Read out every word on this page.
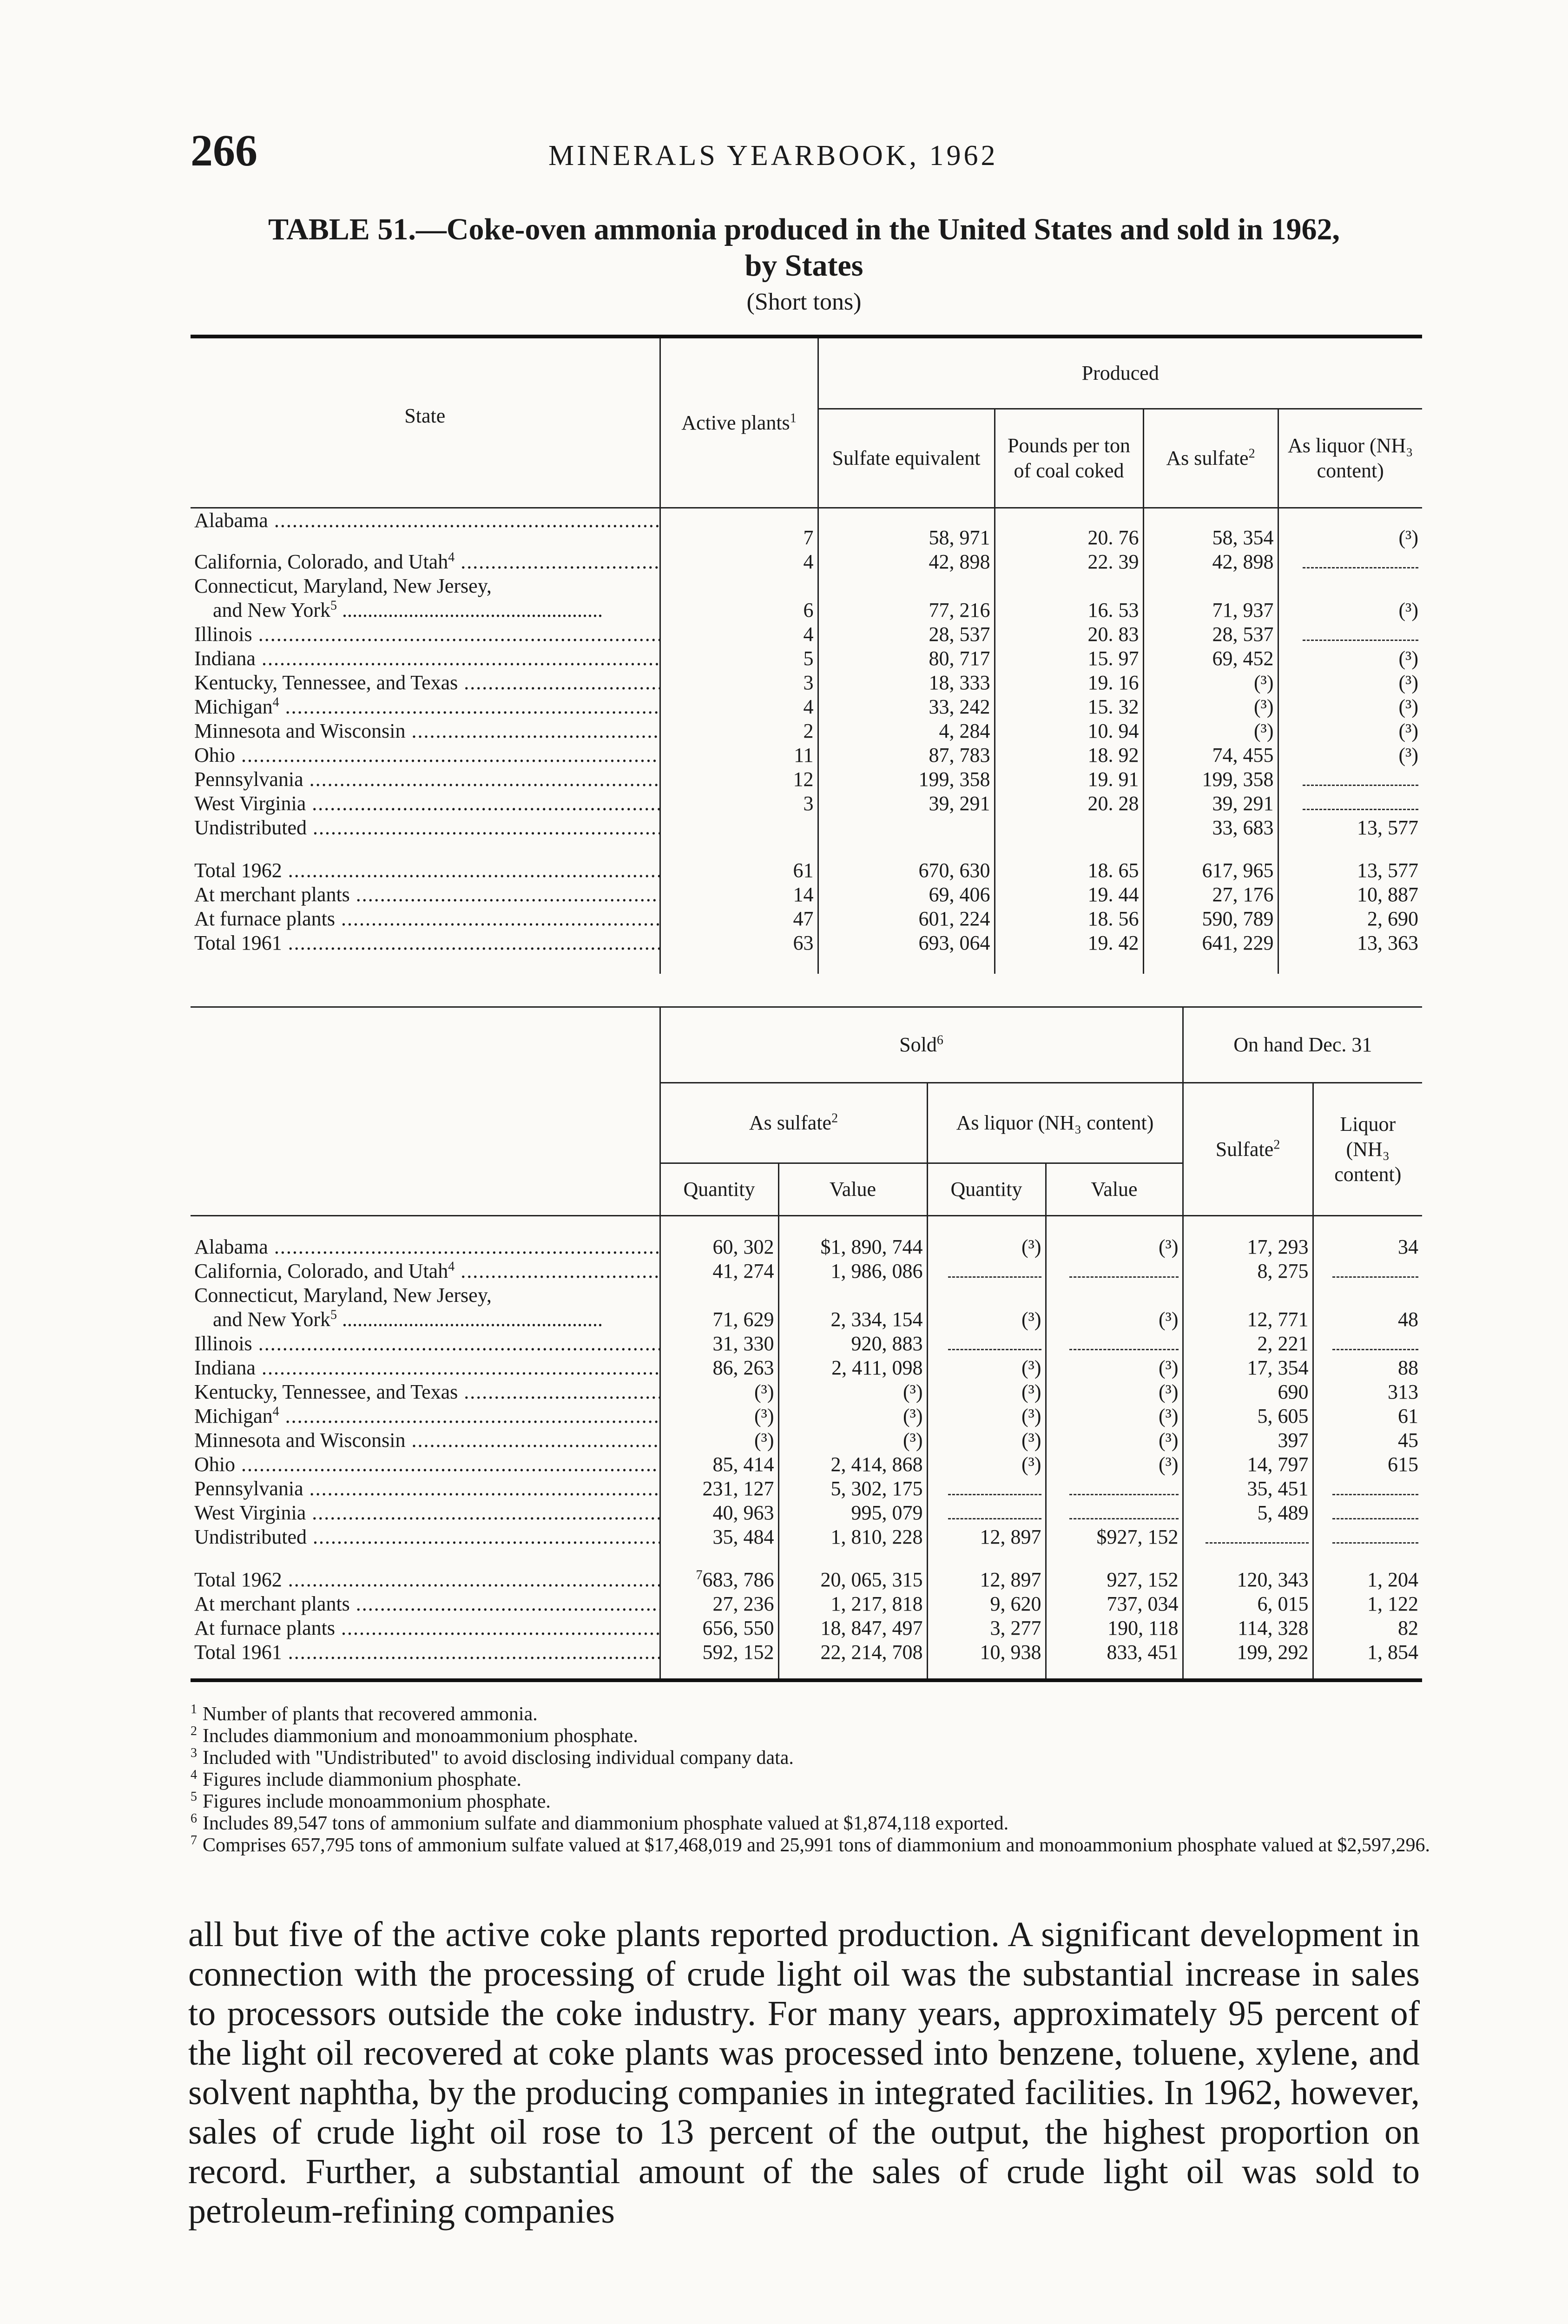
266	MINERALS YEARBOOK, 1962
TABLE 51.—Coke-oven ammonia produced in the United States and sold in 1962,
by States
(Short tons)
State	Active plants$^1$	Produced			
		Sulfate equivalent	Pounds per ton of coal coked	As sulfate$^2$	As liquor (NH₃ content)
Alabama .....	7	58, 971	20. 76	58, 354	(³)
California, Colorado, and Utah$^4$ .....	4	42, 898	22. 39	42, 898	
Connecticut, Maryland, New Jersey,
and New York$^5$ ...................................................	6	77, 216	16. 53	71, 937	(³)
Illinois .....	4	28, 537	20. 83	28, 537	
Indiana .....	5	80, 717	15. 97	69, 452	(³)
Kentucky, Tennessee, and Texas .....	3	18, 333	19. 16	(³)	(³)
Michigan$^4$ .....	4	33, 242	15. 32	(³)	(³)
Minnesota and Wisconsin .....	2	4, 284	10. 94	(³)	(³)
Ohio .....	11	87, 783	18. 92	74, 455	(³)
Pennsylvania .....	12	199, 358	19. 91	199, 358	
West Virginia .....	3	39, 291	20. 28	39, 291	
Undistributed .....				33, 683	13, 577

Total 1962 .....	61	670, 630	18. 65	617, 965	13, 577
At merchant plants .....	14	69, 406	19. 44	27, 176	10, 887
At furnace plants .....	47	601, 224	18. 56	590, 789	2, 690
Total 1961 .....	63	693, 064	19. 42	641, 229	13, 363
	Sold$^6$				On hand Dec. 31	
	As sulfate$^2$		As liquor (NH₃ content)		Sulfate$^2$	Liquor (NH₃ content)
	Quantity	Value	Quantity	Value		
Alabama .....	60, 302	$1, 890, 744	(³)	(³)	17, 293	34
California, Colorado, and Utah$^4$ .....	41, 274	1, 986, 086			8, 275	
Connecticut, Maryland, New Jersey,
and New York$^5$ ...................................................	71, 629	2, 334, 154	(³)	(³)	12, 771	48
Illinois .....	31, 330	920, 883			2, 221	
Indiana .....	86, 263	2, 411, 098	(³)	(³)	17, 354	88
Kentucky, Tennessee, and Texas .....	(³)	(³)	(³)	(³)	690	313
Michigan$^4$ .....	(³)	(³)	(³)	(³)	5, 605	61
Minnesota and Wisconsin .....	(³)	(³)	(³)	(³)	397	45
Ohio .....	85, 414	2, 414, 868	(³)	(³)	14, 797	615
Pennsylvania .....	231, 127	5, 302, 175			35, 451	
West Virginia .....	40, 963	995, 079			5, 489	
Undistributed .....	35, 484	1, 810, 228	12, 897	$927, 152		

Total 1962 .....	$^7$683, 786	20, 065, 315	12, 897	927, 152	120, 343	1, 204
At merchant plants .....	27, 236	1, 217, 818	9, 620	737, 034	6, 015	1, 122
At furnace plants .....	656, 550	18, 847, 497	3, 277	190, 118	114, 328	82
Total 1961 .....	592, 152	22, 214, 708	10, 938	833, 451	199, 292	1, 854
$^1$ Number of plants that recovered ammonia.
$^2$ Includes diammonium and monoammonium phosphate.
$^3$ Included with "Undistributed" to avoid disclosing individual company data.
$^4$ Figures include diammonium phosphate.
$^5$ Figures include monoammonium phosphate.
$^6$ Includes 89,547 tons of ammonium sulfate and diammonium phosphate valued at $1,874,118 exported.
$^7$ Comprises 657,795 tons of ammonium sulfate valued at $17,468,019 and 25,991 tons of diammonium and monoammonium phosphate valued at $2,597,296.
all but five of the active coke plants reported production. A significant development in connection with the processing of crude light oil was the substantial increase in sales to processors outside the coke industry. For many years, approximately 95 percent of the light oil recovered at coke plants was processed into benzene, toluene, xylene, and solvent naphtha, by the producing companies in integrated facilities. In 1962, however, sales of crude light oil rose to 13 percent of the output, the highest proportion on record. Further, a substantial amount of the sales of crude light oil was sold to petroleum-refining companies
